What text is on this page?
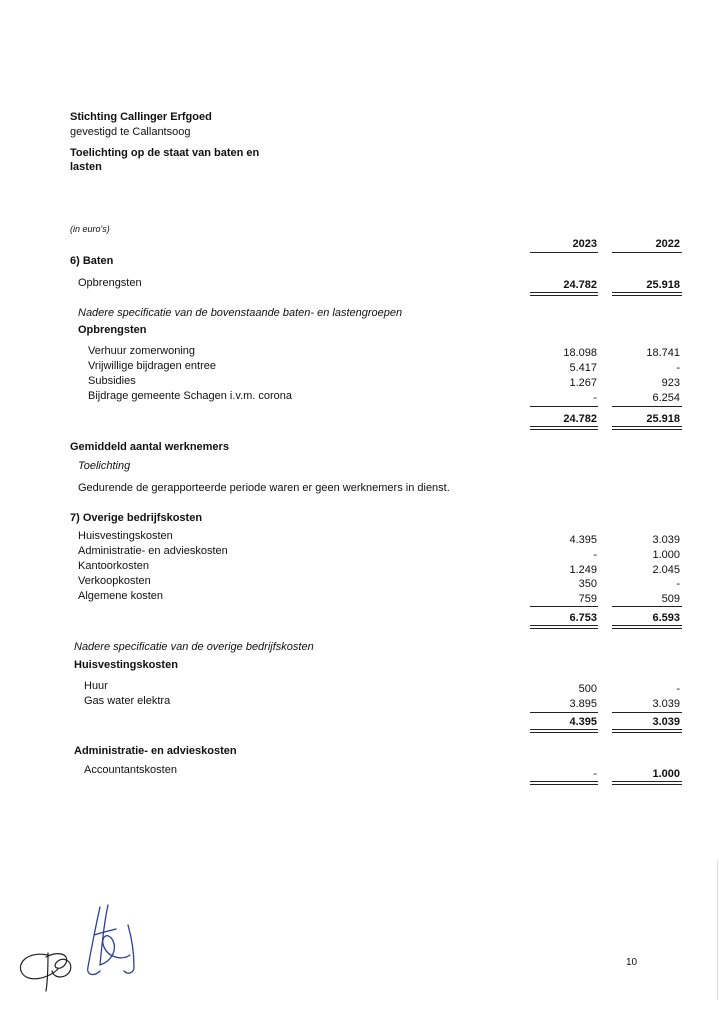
Stichting Callinger Erfgoed
gevestigd te Callantsoog
Toelichting op de staat van baten en
lasten
(in euro's)
2023	2022
6) Baten
Opbrengsten	24.782	25.918
Nadere specificatie van de bovenstaande baten- en lastengroepen
Opbrengsten
Verhuur zomerwoning	18.098	18.741
Vrijwillige bijdragen entree	5.417	-
Subsidies	1.267	923
Bijdrage gemeente Schagen i.v.m. corona	-	6.254
24.782	25.918
Gemiddeld aantal werknemers
Toelichting
Gedurende de gerapporteerde periode waren er geen werknemers in dienst.
7) Overige bedrijfskosten
Huisvestingskosten	4.395	3.039
Administratie- en advieskosten	-	1.000
Kantoorkosten	1.249	2.045
Verkoopkosten	350	-
Algemene kosten	759	509
6.753	6.593
Nadere specificatie van de overige bedrijfskosten
Huisvestingskosten
Huur	500	-
Gas water elektra	3.895	3.039
4.395	3.039
Administratie- en advieskosten
Accountantskosten	-	1.000
10
